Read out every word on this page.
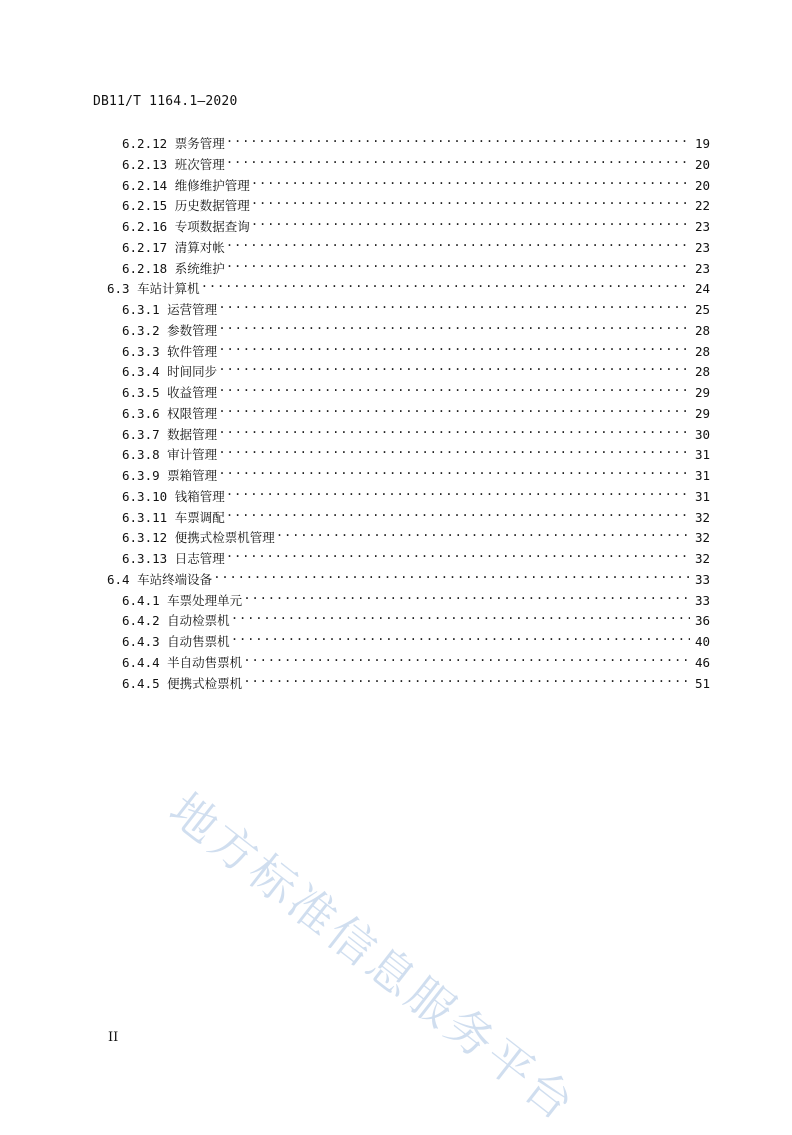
DB11/T 1164.1—2020
6.2.12 票务管理 .....	19
6.2.13 班次管理 .....	20
6.2.14 维修维护管理 .....	20
6.2.15 历史数据管理 .....	22
6.2.16 专项数据查询 .....	23
6.2.17 清算对帐 .....	23
6.2.18 系统维护 .....	23
6.3 车站计算机 .....	24
6.3.1 运营管理 .....	25
6.3.2 参数管理 .....	28
6.3.3 软件管理 .....	28
6.3.4 时间同步 .....	28
6.3.5 收益管理 .....	29
6.3.6 权限管理 .....	29
6.3.7 数据管理 .....	30
6.3.8 审计管理 .....	31
6.3.9 票箱管理 .....	31
6.3.10 钱箱管理 .....	31
6.3.11 车票调配 .....	32
6.3.12 便携式检票机管理 .....	32
6.3.13 日志管理 .....	32
6.4 车站终端设备 .....	33
6.4.1 车票处理单元 .....	33
6.4.2 自动检票机 .....	36
6.4.3 自动售票机 .....	40
6.4.4 半自动售票机 .....	46
6.4.5 便携式检票机 .....	51
地方标准信息服务平台
II
